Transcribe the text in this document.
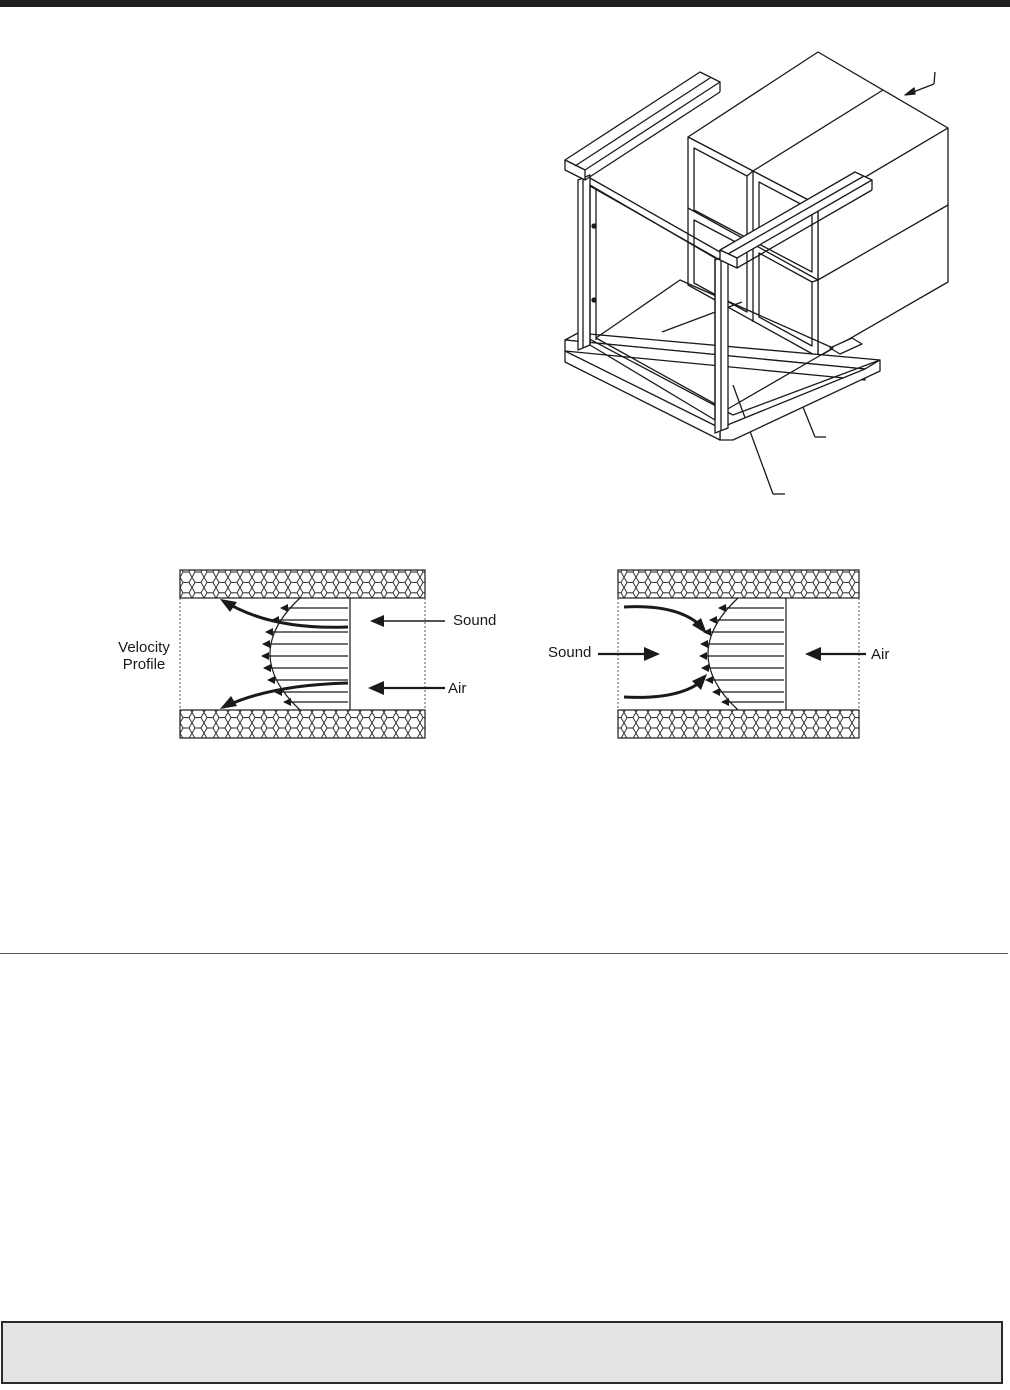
Velocity
Profile
Sound
Air
Sound	Air
